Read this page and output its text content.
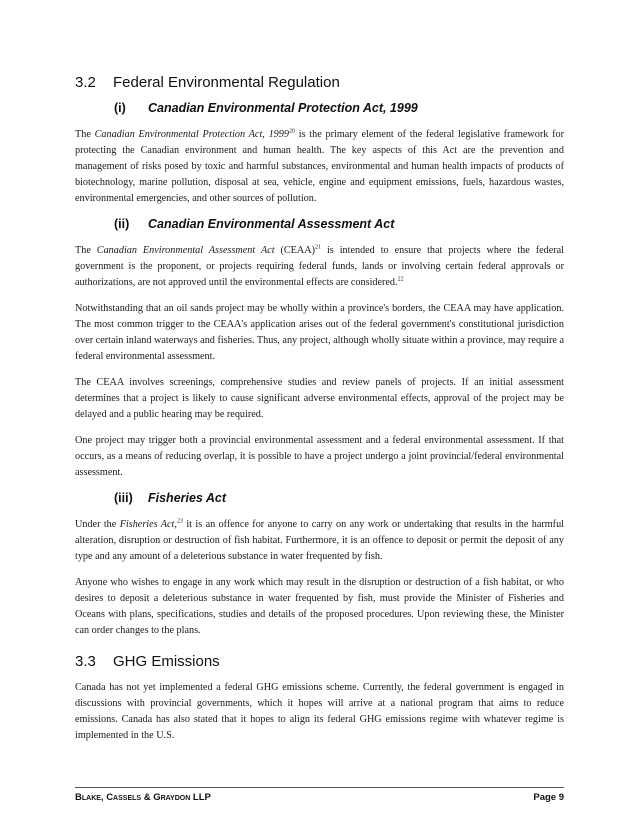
3.2	Federal Environmental Regulation
(i)	Canadian Environmental Protection Act, 1999

The Canadian Environmental Protection Act, 1999$^{20}$ is the primary element of the federal legislative framework for protecting the Canadian environment and human health. The key aspects of this Act are the prevention and management of risks posed by toxic and harmful substances, environmental and human health impacts of products of biotechnology, marine pollution, disposal at sea, vehicle, engine and equipment emissions, fuels, hazardous wastes, environmental emergencies, and other sources of pollution.

(ii)	Canadian Environmental Assessment Act

The Canadian Environmental Assessment Act (CEAA)$^{21}$ is intended to ensure that projects where the federal government is the proponent, or projects requiring federal funds, lands or involving certain federal approvals or authorizations, are not approved until the environmental effects are considered.$^{22}$

Notwithstanding that an oil sands project may be wholly within a province's borders, the CEAA may have application. The most common trigger to the CEAA's application arises out of the federal government's constitutional jurisdiction over certain inland waterways and fisheries. Thus, any project, although wholly situate within a province, may require a federal environmental assessment.

The CEAA involves screenings, comprehensive studies and review panels of projects. If an initial assessment determines that a project is likely to cause significant adverse environmental effects, approval of the project may be delayed and a public hearing may be required.

One project may trigger both a provincial environmental assessment and a federal environmental assessment. If that occurs, as a means of reducing overlap, it is possible to have a project undergo a joint provincial/federal environmental assessment.

(iii)	Fisheries Act

Under the Fisheries Act,$^{23}$ it is an offence for anyone to carry on any work or undertaking that results in the harmful alteration, disruption or destruction of fish habitat. Furthermore, it is an offence to deposit or permit the deposit of any type and any amount of a deleterious substance in water frequented by fish.

Anyone who wishes to engage in any work which may result in the disruption or destruction of a fish habitat, or who desires to deposit a deleterious substance in water frequented by fish, must provide the Minister of Fisheries and Oceans with plans, specifications, studies and details of the proposed procedures. Upon reviewing these, the Minister can order changes to the plans.

3.3	GHG Emissions

Canada has not yet implemented a federal GHG emissions scheme. Currently, the federal government is engaged in discussions with provincial governments, which it hopes will arrive at a national program that aims to reduce emissions. Canada has also stated that it hopes to align its federal GHG emissions regime with whatever regime is implemented in the U.S.

Blake, Cassels & Graydon LLP	Page 9
